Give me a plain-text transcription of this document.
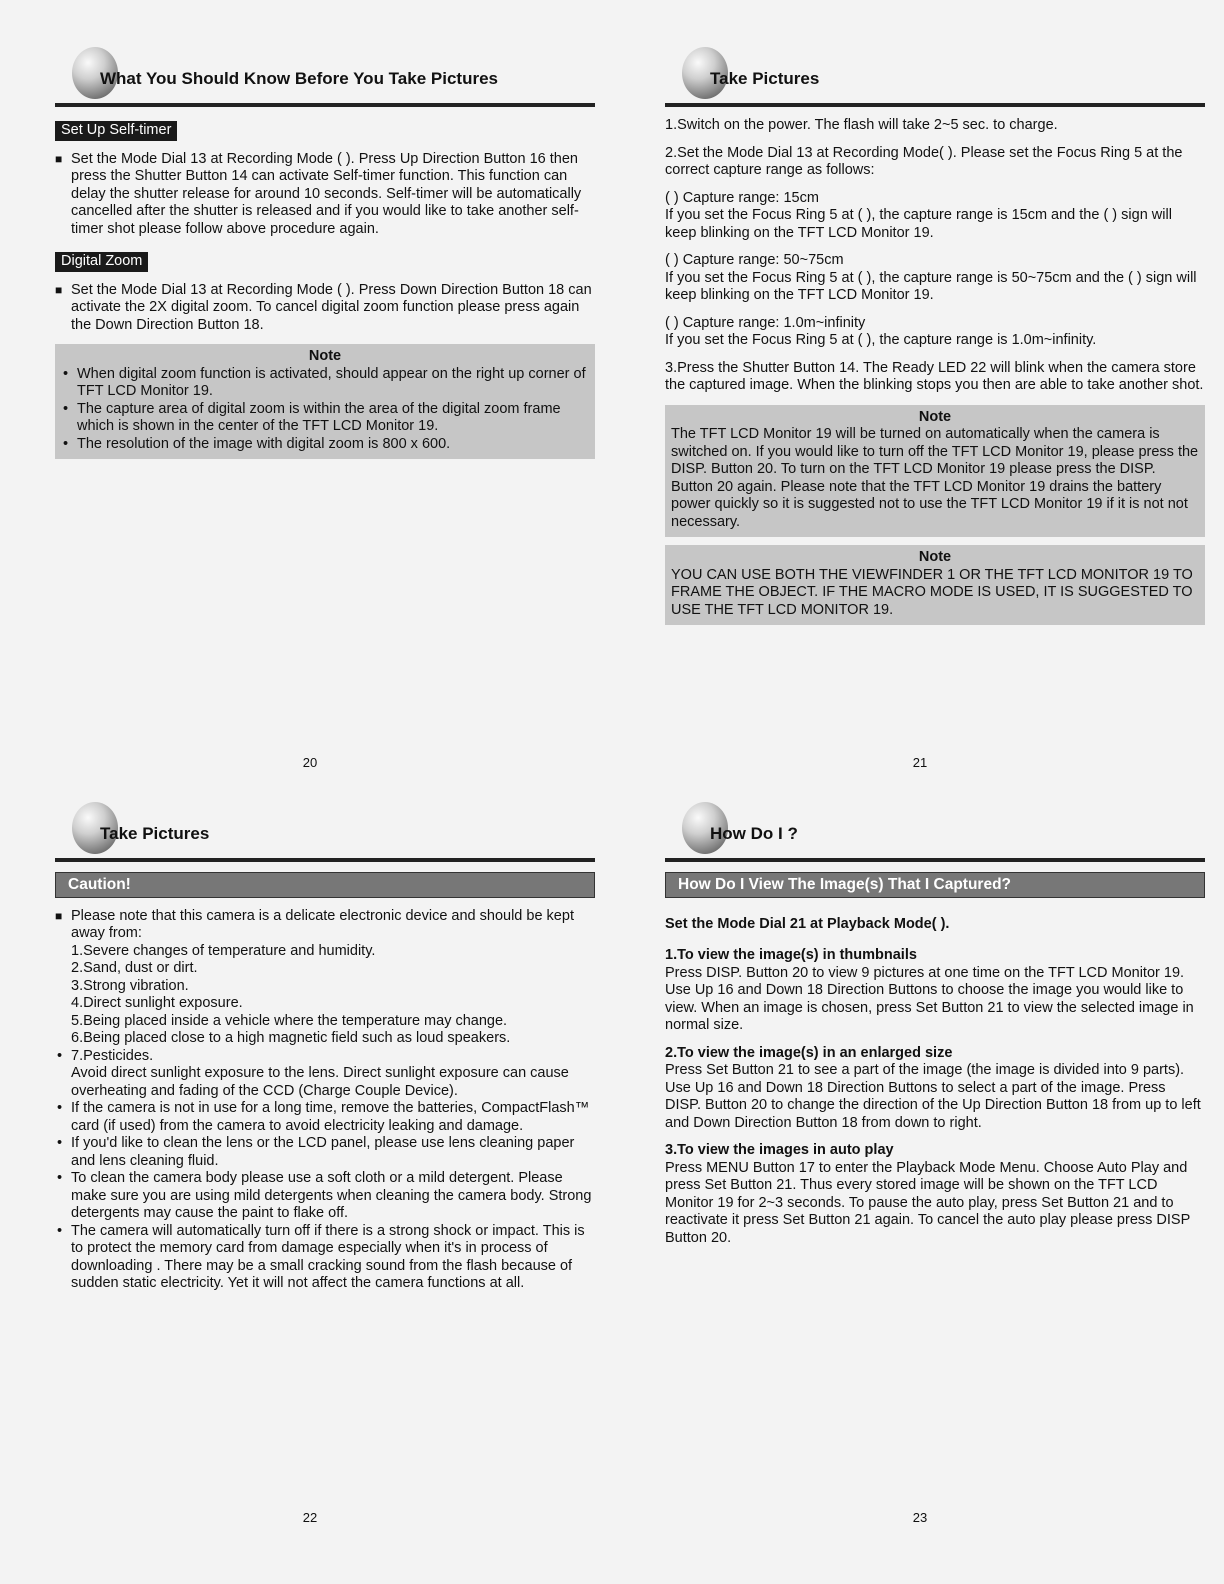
What You Should Know Before You Take Pictures
Set Up Self-timer
■ Set the Mode Dial 13 at Recording Mode ( ). Press Up Direction Button 16 then press the Shutter Button 14 can activate Self-timer function. This function can delay the shutter release for around 10 seconds. Self-timer will be automatically cancelled after the shutter is released and if you would like to take another self-timer shot please follow above procedure again.
Digital Zoom
■ Set the Mode Dial 13 at Recording Mode ( ). Press Down Direction Button 18 can activate the 2X digital zoom. To cancel digital zoom function please press again the Down Direction Button 18.
Note
• When digital zoom function is activated, should appear on the right up corner of TFT LCD Monitor 19.
• The capture area of digital zoom is within the area of the digital zoom frame which is shown in the center of the TFT LCD Monitor 19.
• The resolution of the image with digital zoom is 800 x 600.
20
Take Pictures

1.Switch on the power. The flash will take 2~5 sec. to charge.

2.Set the Mode Dial 13 at Recording Mode( ). Please set the Focus Ring 5 at the correct capture range as follows:

( ) Capture range: 15cm

If you set the Focus Ring 5 at ( ), the capture range is 15cm and the ( ) sign will keep blinking on the TFT LCD Monitor 19.

( ) Capture range: 50~75cm

If you set the Focus Ring 5 at ( ), the capture range is 50~75cm and the ( ) sign will keep blinking on the TFT LCD Monitor 19.

( ) Capture range: 1.0m~infinity

If you set the Focus Ring 5 at ( ), the capture range is 1.0m~infinity.

3.Press the Shutter Button 14. The Ready LED 22 will blink when the camera store the captured image. When the blinking stops you then are able to take another shot.

Note
The TFT LCD Monitor 19 will be turned on automatically when the camera is switched on. If you would like to turn off the TFT LCD Monitor 19, please press the DISP. Button 20. To turn on the TFT LCD Monitor 19 please press the DISP. Button 20 again. Please note that the TFT LCD Monitor 19 drains the battery power quickly so it is suggested not to use the TFT LCD Monitor 19 if it is not not necessary.
Note
YOU CAN USE BOTH THE VIEWFINDER 1 OR THE TFT LCD MONITOR 19 TO FRAME THE OBJECT. IF THE MACRO MODE IS USED, IT IS SUGGESTED TO USE THE TFT LCD MONITOR 19.
21
Take Pictures
Caution!
■ Please note that this camera is a delicate electronic device and should be kept away from:
1.Severe changes of temperature and humidity.
2.Sand, dust or dirt.
3.Strong vibration.
4.Direct sunlight exposure.
5.Being placed inside a vehicle where the temperature may change.
6.Being placed close to a high magnetic field such as loud speakers.
• 7.Pesticides.
Avoid direct sunlight exposure to the lens. Direct sunlight exposure can cause overheating and fading of the CCD (Charge Couple Device).
• If the camera is not in use for a long time, remove the batteries, CompactFlash™ card (if used) from the camera to avoid electricity leaking and damage.
• If you'd like to clean the lens or the LCD panel, please use lens cleaning paper and lens cleaning fluid.
• To clean the camera body please use a soft cloth or a mild detergent. Please make sure you are using mild detergents when cleaning the camera body. Strong detergents may cause the paint to flake off.
• The camera will automatically turn off if there is a strong shock or impact. This is to protect the memory card from damage especially when it's in process of downloading . There may be a small cracking sound from the flash because of sudden static electricity. Yet it will not affect the camera functions at all.
22
How Do I ?
How Do I View The Image(s) That I Captured?

Set the Mode Dial 21 at Playback Mode( ).

1.To view the image(s) in thumbnails

Press DISP. Button 20 to view 9 pictures at one time on the TFT LCD Monitor 19. Use Up 16 and Down 18 Direction Buttons to choose the image you would like to view. When an image is chosen, press Set Button 21 to view the selected image in normal size.

2.To view the image(s) in an enlarged size

Press Set Button 21 to see a part of the image (the image is divided into 9 parts). Use Up 16 and Down 18 Direction Buttons to select a part of the image. Press DISP. Button 20 to change the direction of the Up Direction Button 18 from up to left and Down Direction Button 18 from down to right.

3.To view the images in auto play

Press MENU Button 17 to enter the Playback Mode Menu. Choose Auto Play and press Set Button 21. Thus every stored image will be shown on the TFT LCD Monitor 19 for 2~3 seconds. To pause the auto play, press Set Button 21 and to reactivate it press Set Button 21 again. To cancel the auto play please press DISP Button 20.

23
